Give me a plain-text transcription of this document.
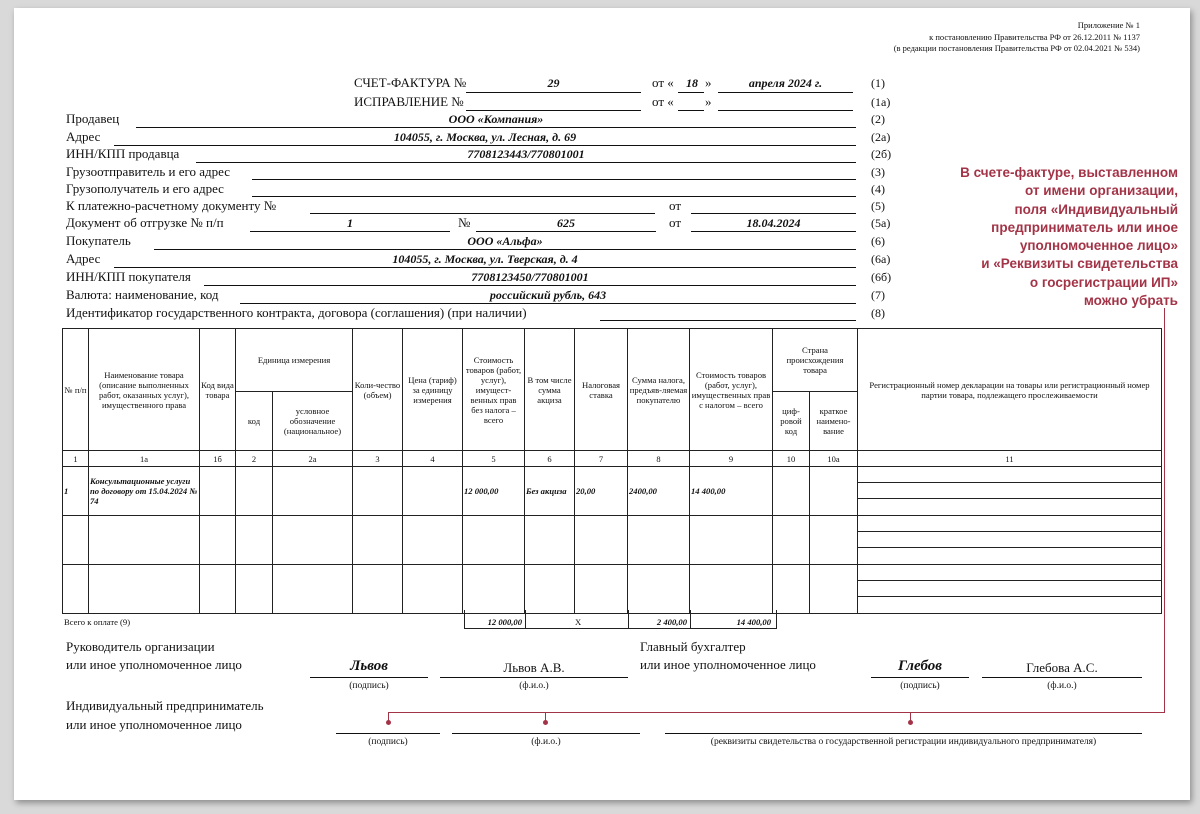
Приложение № 1
к постановлению Правительства РФ от 26.12.2011 № 1137
(в редакции постановления Правительства РФ от 02.04.2021 № 534)
СЧЕТ-ФАКТУРА №	29	от «	18 »	апреля 2024 г.	(1)
ИСПРАВЛЕНИЕ №	от « »	(1а)
Продавец	ООО «Компания»	(2)
Адрес	104055, г. Москва, ул. Лесная, д. 69	(2а)
ИНН/КПП продавца	7708123443/770801001	(2б)
Грузоотправитель и его адрес	(3)
Грузополучатель и его адрес	(4)
К платежно-расчетному документу №	от	(5)
Документ об отгрузке № п/п	1	№	625	от	18.04.2024	(5а)
Покупатель	ООО «Альфа»	(6)
Адрес	104055, г. Москва, ул. Тверская, д. 4	(6а)
ИНН/КПП покупателя	7708123450/770801001	(6б)
Валюта: наименование, код	российский рубль, 643	(7)
Идентификатор государственного контракта, договора (соглашения) (при наличии)	(8)
В счете-фактуре, выставленном
от имени организации,
поля «Индивидуальный
предприниматель или иное
уполномоченное лицо»
и «Реквизиты свидетельства
о госрегистрации ИП»
можно убрать
№ п/п	Наименование товара (описание выполненных работ, оказанных услуг), имущественного права	Код вида товара	Единица измерения		Коли-чество (объем)	Цена (тариф) за единицу измерения	Стоимость товаров (работ, услуг), имущест-венных прав без налога – всего	В том числе сумма акциза	Налоговая ставка	Сумма налога, предъяв-ляемая покупателю	Стоимость товаров (работ, услуг), имущественных прав с налогом – всего	Страна происхождения товара		Регистрационный номер декларации на товары или регистрационный номер партии товара, подлежащего прослеживаемости
			код	условное обозначение (национальное)								циф-ровой код	краткое наимено-вание	
1	1а	1б	2	2а	3	4	5	6	7	8	9	10	10а	11
1	Консультационные услуги по договору от 15.04.2024 № 74						12 000,00	Без акциза	20,00	2400,00	14 400,00			

Всего к оплате (9)	12 000,00	X	2 400,00	14 400,00
Руководитель организации
или иное уполномоченное лицо	Львов
(подпись)
Львов А.В.
(ф.и.о.)
Главный бухгалтер
или иное уполномоченное лицо	Глебов
(подпись)
Глебова А.С.
(ф.и.о.)
Индивидуальный предприниматель
или иное уполномоченное лицо
(подпись)	(ф.и.о.)	(реквизиты свидетельства о государственной регистрации индивидуального предпринимателя)
